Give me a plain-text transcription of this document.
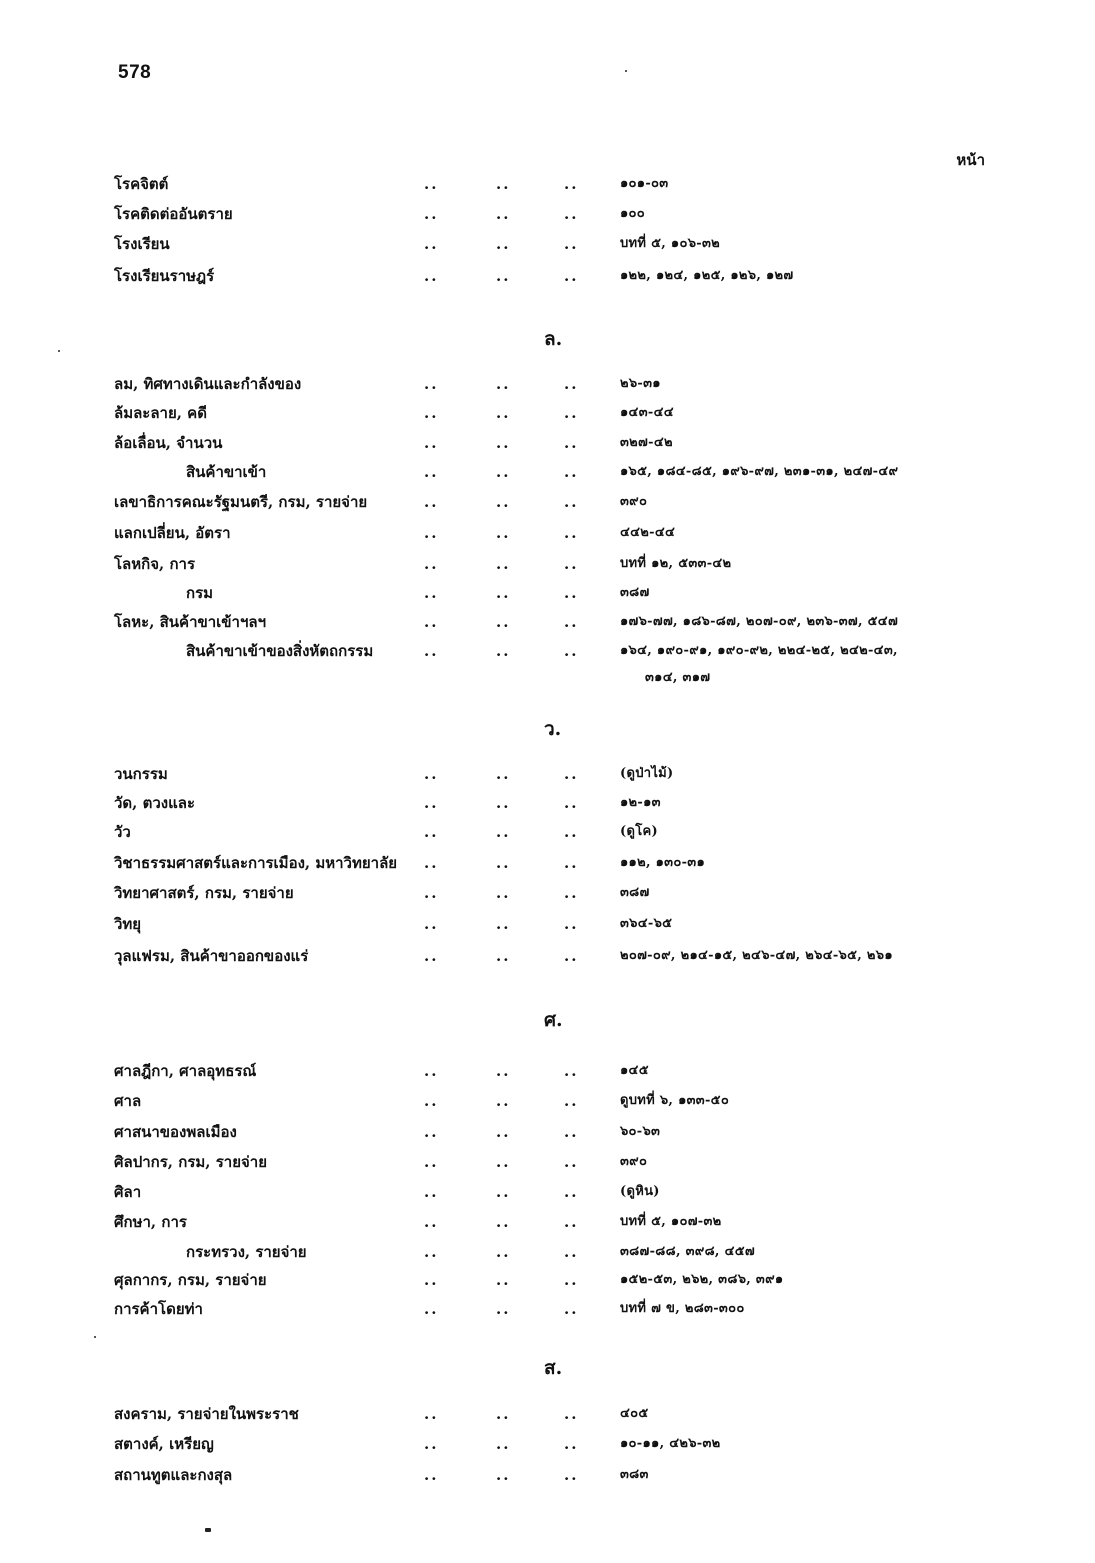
578
หน้า
โรคจิตต์	..	..	..	๑๐๑-๐๓
โรคติดต่ออันตราย	..	..	..	๑๐๐
โรงเรียน	..	..	..	บทที่ ๕, ๑๐๖-๓๒
โรงเรียนราษฎร์	..	..	..	๑๒๒, ๑๒๔, ๑๒๕, ๑๒๖, ๑๒๗
ล.
ลม, ทิศทางเดินและกำลังของ	..	..	..	๒๖-๓๑
ล้มละลาย, คดี	..	..	..	๑๔๓-๔๔
ล้อเลื่อน, จำนวน	..	..	..	๓๒๗-๔๒
สินค้าขาเข้า	..	..	..	๑๖๕, ๑๘๔-๘๕, ๑๙๖-๙๗, ๒๓๑-๓๑, ๒๔๗-๔๙
เลขาธิการคณะรัฐมนตรี, กรม, รายจ่าย	..	..	..	๓๙๐
แลกเปลี่ยน, อัตรา	..	..	..	๔๔๒-๔๔
โลหกิจ, การ	..	..	..	บทที่ ๑๒, ๕๓๓-๔๒
กรม	..	..	..	๓๘๗
โลหะ, สินค้าขาเข้าฯลฯ	..	..	..	๑๗๖-๗๗, ๑๘๖-๘๗, ๒๐๗-๐๙, ๒๓๖-๓๗, ๕๔๗
สินค้าขาเข้าของสิ่งหัตถกรรม	..	..	..	๑๖๔, ๑๙๐-๙๑, ๑๙๐-๙๒, ๒๒๔-๒๕, ๒๔๒-๔๓,
๓๑๔, ๓๑๗
ว.
วนกรรม	..	..	..	(ดูป่าไม้)
วัด, ตวงและ	..	..	..	๑๒-๑๓
วัว	..	..	..	(ดูโค)
วิชาธรรมศาสตร์และการเมือง, มหาวิทยาลัย ..	..	..	๑๑๒, ๑๓๐-๓๑
วิทยาศาสตร์, กรม, รายจ่าย	..	..	..	๓๘๗
วิทยุ	..	..	..	๓๖๔-๖๕
วุลแฟรม, สินค้าขาออกของแร่	..	..	..	๒๐๗-๐๙, ๒๑๔-๑๕, ๒๔๖-๔๗, ๒๖๔-๖๕, ๒๖๑
ศ.
ศาลฎีกา, ศาลอุทธรณ์	..	..	..	๑๔๕
ศาล	..	..	..	ดูบทที่ ๖, ๑๓๓-๕๐
ศาสนาของพลเมือง	..	..	..	๖๐-๖๓
ศิลปากร, กรม, รายจ่าย	..	..	..	๓๙๐
ศิลา	..	..	..	(ดูหิน)
ศึกษา, การ	..	..	..	บทที่ ๕, ๑๐๗-๓๒
กระทรวง, รายจ่าย	..	..	..	๓๘๗-๘๘, ๓๙๘, ๔๕๗
ศุลกากร, กรม, รายจ่าย	..	..	..	๑๕๒-๕๓, ๒๖๒, ๓๘๖, ๓๙๑
การค้าโดยท่า	..	..	..	บทที่ ๗ ข, ๒๘๓-๓๐๐
ส.
สงคราม, รายจ่ายในพระราช	..	..	..	๔๐๕
สตางค์, เหรียญ	..	..	..	๑๐-๑๑, ๔๒๖-๓๒
สถานทูตและกงสุล	..	..	..	๓๘๓
